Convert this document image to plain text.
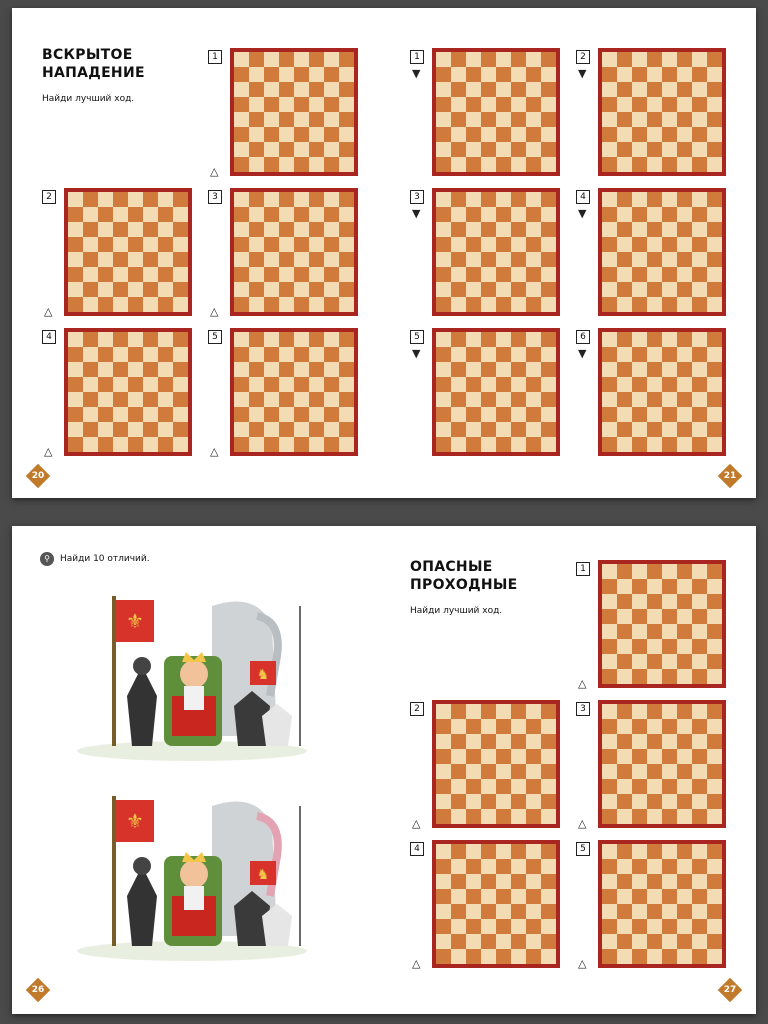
ВСКРЫТОЕ
НАПАДЕНИЕ
Найди лучший ход.
1
△
2
△
3
△
4
△
5
△
1
▼
2
▼
3
▼
4
▼
5
▼
6
▼
20	21
⚲	Найди 10 отличий.
⚜
♞
⚜
♞
ОПАСНЫЕ
ПРОХОДНЫЕ
Найди лучший ход.
1
△
2
△
3
△
4
△
5
△
26	27
